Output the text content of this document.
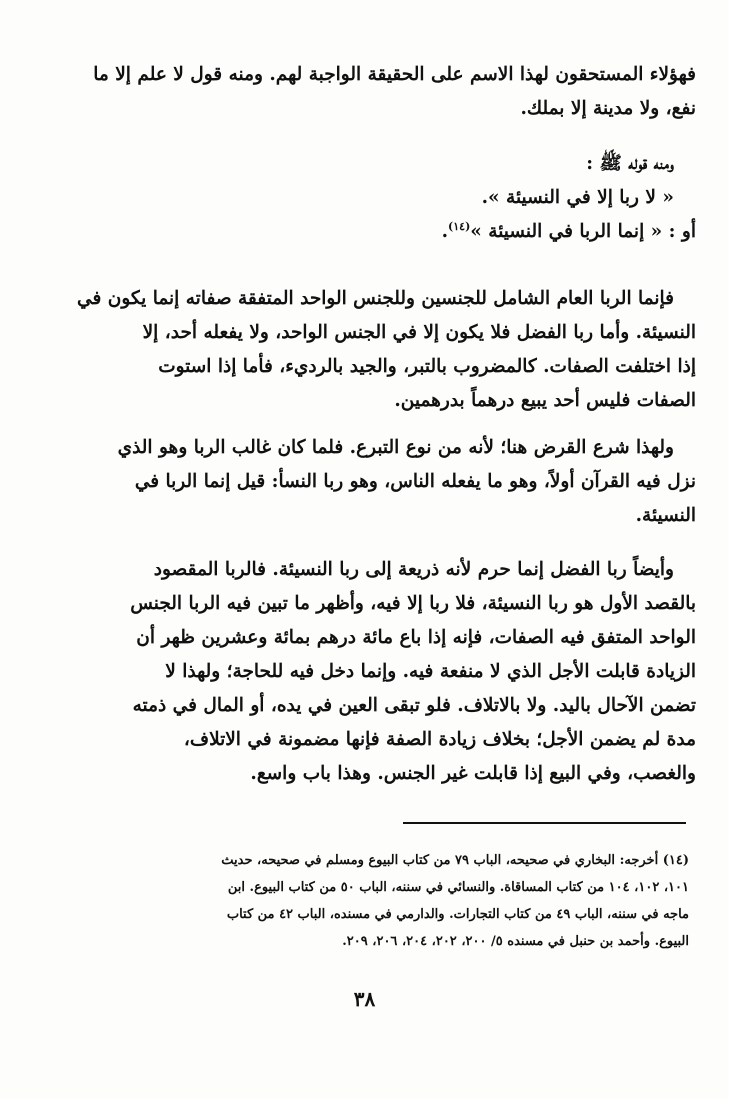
فهؤلاء المستحقون لهذا الاسم على الحقيقة الواجبة لهم. ومنه قول لا علم إلا ما

نفع، ولا مدينة إلا بملك.

ومنه قوله ﷺ :

« لا ربا إلا في النسيئة ».

أو : « إنما الربا في النسيئة »$^{(١٤)}$.

فإنما الربا العام الشامل للجنسين وللجنس الواحد المتفقة صفاته إنما يكون في

النسيئة. وأما ربا الفضل فلا يكون إلا في الجنس الواحد، ولا يفعله أحد، إلا

إذا اختلفت الصفات. كالمضروب بالتبر، والجيد بالرديء، فأما إذا استوت

الصفات فليس أحد يبيع درهماً بدرهمين.

ولهذا شرع القرض هنا؛ لأنه من نوع التبرع. فلما كان غالب الربا وهو الذي

نزل فيه القرآن أولاً، وهو ما يفعله الناس، وهو ربا النسأ: قيل إنما الربا في

النسيئة.

وأيضاً ربا الفضل إنما حرم لأنه ذريعة إلى ربا النسيئة. فالربا المقصود

بالقصد الأول هو ربا النسيئة، فلا ربا إلا فيه، وأظهر ما تبين فيه الربا الجنس

الواحد المتفق فيه الصفات، فإنه إذا باع مائة درهم بمائة وعشرين ظهر أن

الزيادة قابلت الأجل الذي لا منفعة فيه. وإنما دخل فيه للحاجة؛ ولهذا لا

تضمن الآحال باليد. ولا بالاتلاف. فلو تبقى العين في يده، أو المال في ذمته

مدة لم يضمن الأجل؛ بخلاف زيادة الصفة فإنها مضمونة في الاتلاف،

والغصب، وفي البيع إذا قابلت غير الجنس. وهذا باب واسع.

(١٤) أخرجه: البخاري في صحيحه، الباب ٧٩ من كتاب البيوع ومسلم في صحيحه، حديث

١٠١، ١٠٢، ١٠٤ من كتاب المساقاة. والنسائي في سننه، الباب ٥٠ من كتاب البيوع. ابن

ماجه في سننه، الباب ٤٩ من كتاب التجارات. والدارمي في مسنده، الباب ٤٢ من كتاب

البيوع. وأحمد بن حنبل في مسنده ٥/ ٢٠٠، ٢٠٢، ٢٠٤، ٢٠٦، ٢٠٩.

٣٨
